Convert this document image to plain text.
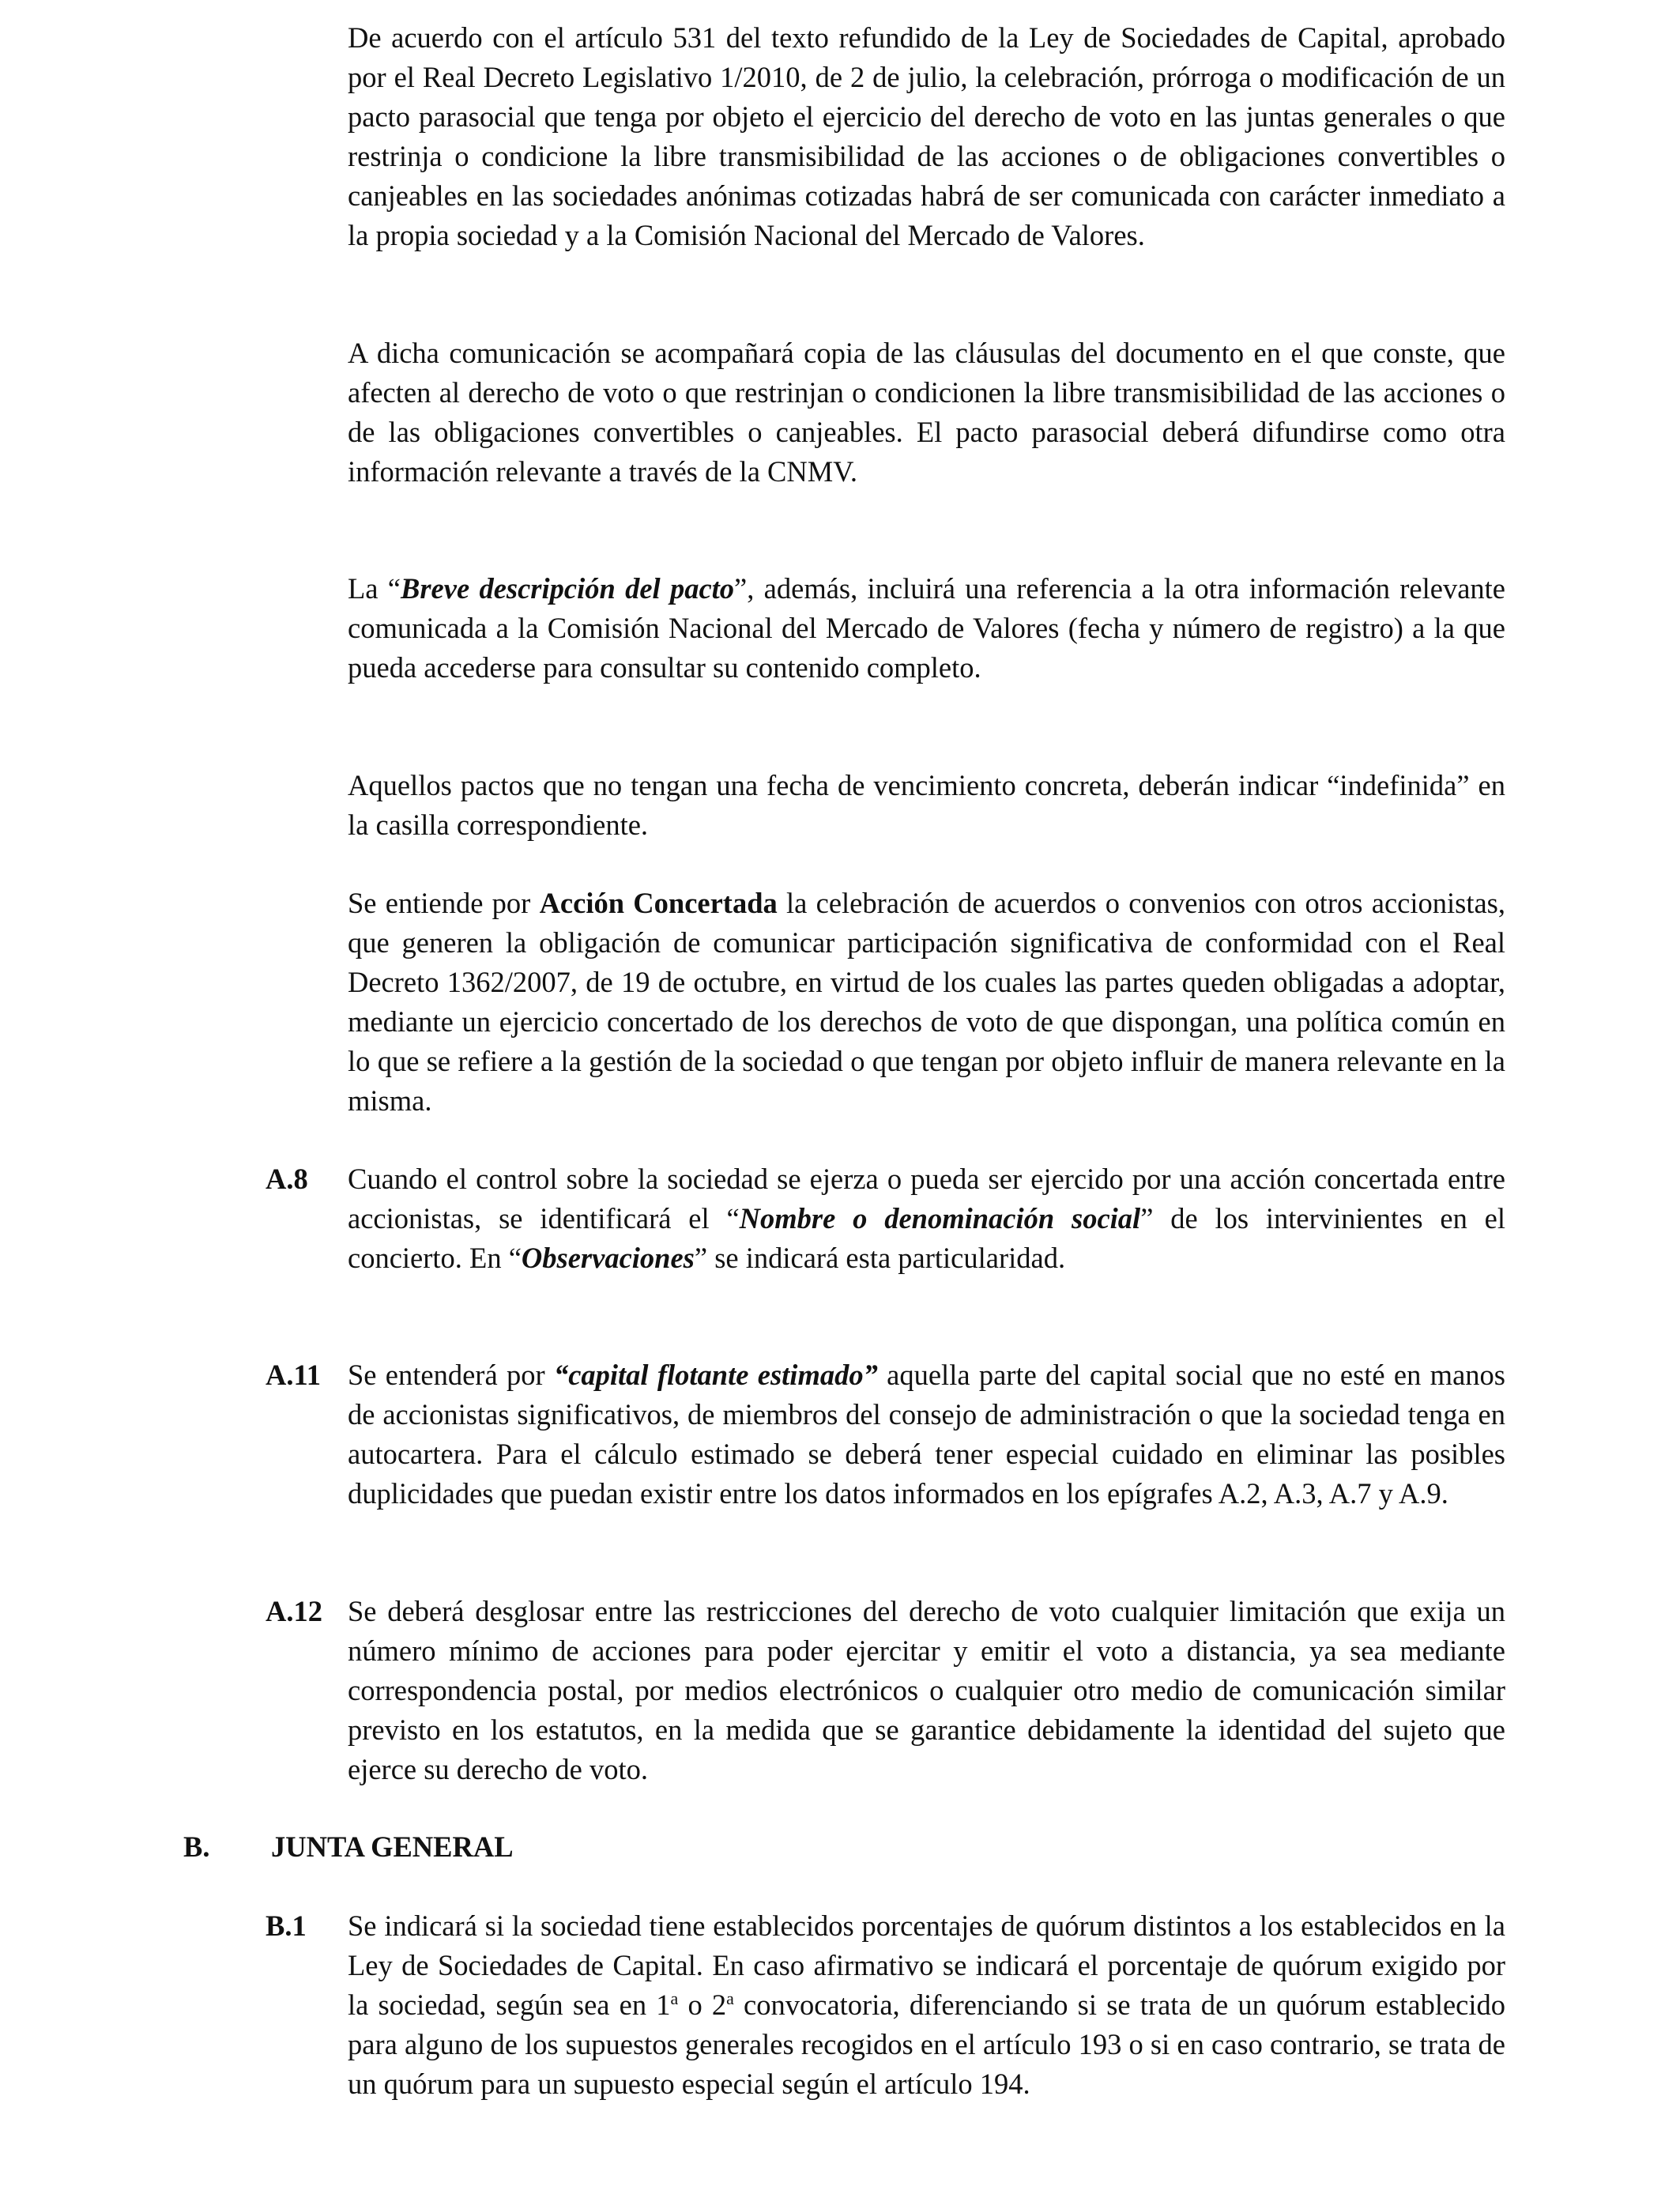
De acuerdo con el artículo 531 del texto refundido de la Ley de Sociedades de Capital, aprobado por el Real Decreto Legislativo 1/2010, de 2 de julio, la celebración, prórroga o modificación de un pacto parasocial que tenga por objeto el ejercicio del derecho de voto en las juntas generales o que restrinja o condicione la libre transmisibilidad de las acciones o de obligaciones convertibles o canjeables en las sociedades anónimas cotizadas habrá de ser comunicada con carácter inmediato a la propia sociedad y a la Comisión Nacional del Mercado de Valores.

A dicha comunicación se acompañará copia de las cláusulas del documento en el que conste, que afecten al derecho de voto o que restrinjan o condicionen la libre transmisibilidad de las acciones o de las obligaciones convertibles o canjeables. El pacto parasocial deberá difundirse como otra información relevante a través de la CNMV.

La “Breve descripción del pacto”, además, incluirá una referencia a la otra información relevante comunicada a la Comisión Nacional del Mercado de Valores (fecha y número de registro) a la que pueda accederse para consultar su contenido completo.

Aquellos pactos que no tengan una fecha de vencimiento concreta, deberán indicar “indefinida” en la casilla correspondiente.

Se entiende por Acción Concertada la celebración de acuerdos o convenios con otros accionistas, que generen la obligación de comunicar participación significativa de conformidad con el Real Decreto 1362/2007, de 19 de octubre, en virtud de los cuales las partes queden obligadas a adoptar, mediante un ejercicio concertado de los derechos de voto de que dispongan, una política común en lo que se refiere a la gestión de la sociedad o que tengan por objeto influir de manera relevante en la misma.

A.8	Cuando el control sobre la sociedad se ejerza o pueda ser ejercido por una acción concertada entre accionistas, se identificará el “Nombre o denominación social” de los intervinientes en el concierto. En “Observaciones” se indicará esta particularidad.

A.11 Se entenderá por “capital flotante estimado” aquella parte del capital social que no esté en manos de accionistas significativos, de miembros del consejo de administración o que la sociedad tenga en autocartera. Para el cálculo estimado se deberá tener especial cuidado en eliminar las posibles duplicidades que puedan existir entre los datos informados en los epígrafes A.2, A.3, A.7 y A.9.

A.12 Se deberá desglosar entre las restricciones del derecho de voto cualquier limitación que exija un número mínimo de acciones para poder ejercitar y emitir el voto a distancia, ya sea mediante correspondencia postal, por medios electrónicos o cualquier otro medio de comunicación similar previsto en los estatutos, en la medida que se garantice debidamente la identidad del sujeto que ejerce su derecho de voto.

B. JUNTA GENERAL
B.1	Se indicará si la sociedad tiene establecidos porcentajes de quórum distintos a los establecidos en la Ley de Sociedades de Capital. En caso afirmativo se indicará el porcentaje de quórum exigido por la sociedad, según sea en 1$^a$ o 2$^a$ convocatoria, diferenciando si se trata de un quórum establecido para alguno de los supuestos generales recogidos en el artículo 193 o si en caso contrario, se trata de un quórum para un supuesto especial según el artículo 194.
